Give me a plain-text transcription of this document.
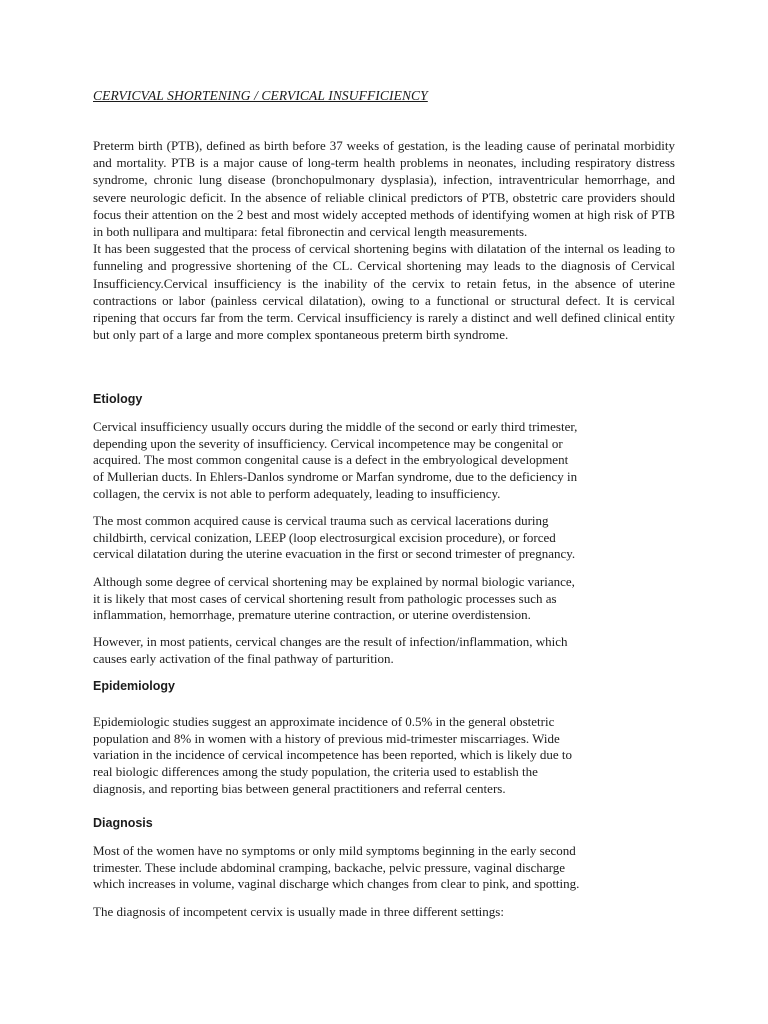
CERVICVAL SHORTENING / CERVICAL INSUFFICIENCY

Preterm birth (PTB), defined as birth before 37 weeks of gestation, is the leading cause of perinatal morbidity and mortality. PTB is a major cause of long-term health problems in neonates, including respiratory distress syndrome, chronic lung disease (bronchopulmonary dysplasia), infection, intraventricular hemorrhage, and severe neurologic deficit. In the absence of reliable clinical predictors of PTB, obstetric care providers should focus their attention on the 2 best and most widely accepted methods of identifying women at high risk of PTB in both nullipara and multipara: fetal fibronectin and cervical length measurements.

It has been suggested that the process of cervical shortening begins with dilatation of the internal os leading to funneling and progressive shortening of the CL. Cervical shortening may leads to the diagnosis of Cervical Insufficiency.Cervical insufficiency is the inability of the cervix to retain fetus, in the absence of uterine contractions or labor (painless cervical dilatation), owing to a functional or structural defect. It is cervical ripening that occurs far from the term. Cervical insufficiency is rarely a distinct and well defined clinical entity but only part of a large and more complex spontaneous preterm birth syndrome.

Etiology

Cervical insufficiency usually occurs during the middle of the second or early third trimester,
depending upon the severity of insufficiency. Cervical incompetence may be congenital or
acquired. The most common congenital cause is a defect in the embryological development
of Mullerian ducts. In Ehlers-Danlos syndrome or Marfan syndrome, due to the deficiency in
collagen, the cervix is not able to perform adequately, leading to insufficiency.

The most common acquired cause is cervical trauma such as cervical lacerations during
childbirth, cervical conization, LEEP (loop electrosurgical excision procedure), or forced
cervical dilatation during the uterine evacuation in the first or second trimester of pregnancy.

Although some degree of cervical shortening may be explained by normal biologic variance,
it is likely that most cases of cervical shortening result from pathologic processes such as
inflammation, hemorrhage, premature uterine contraction, or uterine overdistension.

However, in most patients, cervical changes are the result of infection/inflammation, which
causes early activation of the final pathway of parturition.

Epidemiology

Epidemiologic studies suggest an approximate incidence of 0.5% in the general obstetric
population and 8% in women with a history of previous mid-trimester miscarriages. Wide
variation in the incidence of cervical incompetence has been reported, which is likely due to
real biologic differences among the study population, the criteria used to establish the
diagnosis, and reporting bias between general practitioners and referral centers.

Diagnosis

Most of the women have no symptoms or only mild symptoms beginning in the early second
trimester. These include abdominal cramping, backache, pelvic pressure, vaginal discharge
which increases in volume, vaginal discharge which changes from clear to pink, and spotting.

The diagnosis of incompetent cervix is usually made in three different settings:
